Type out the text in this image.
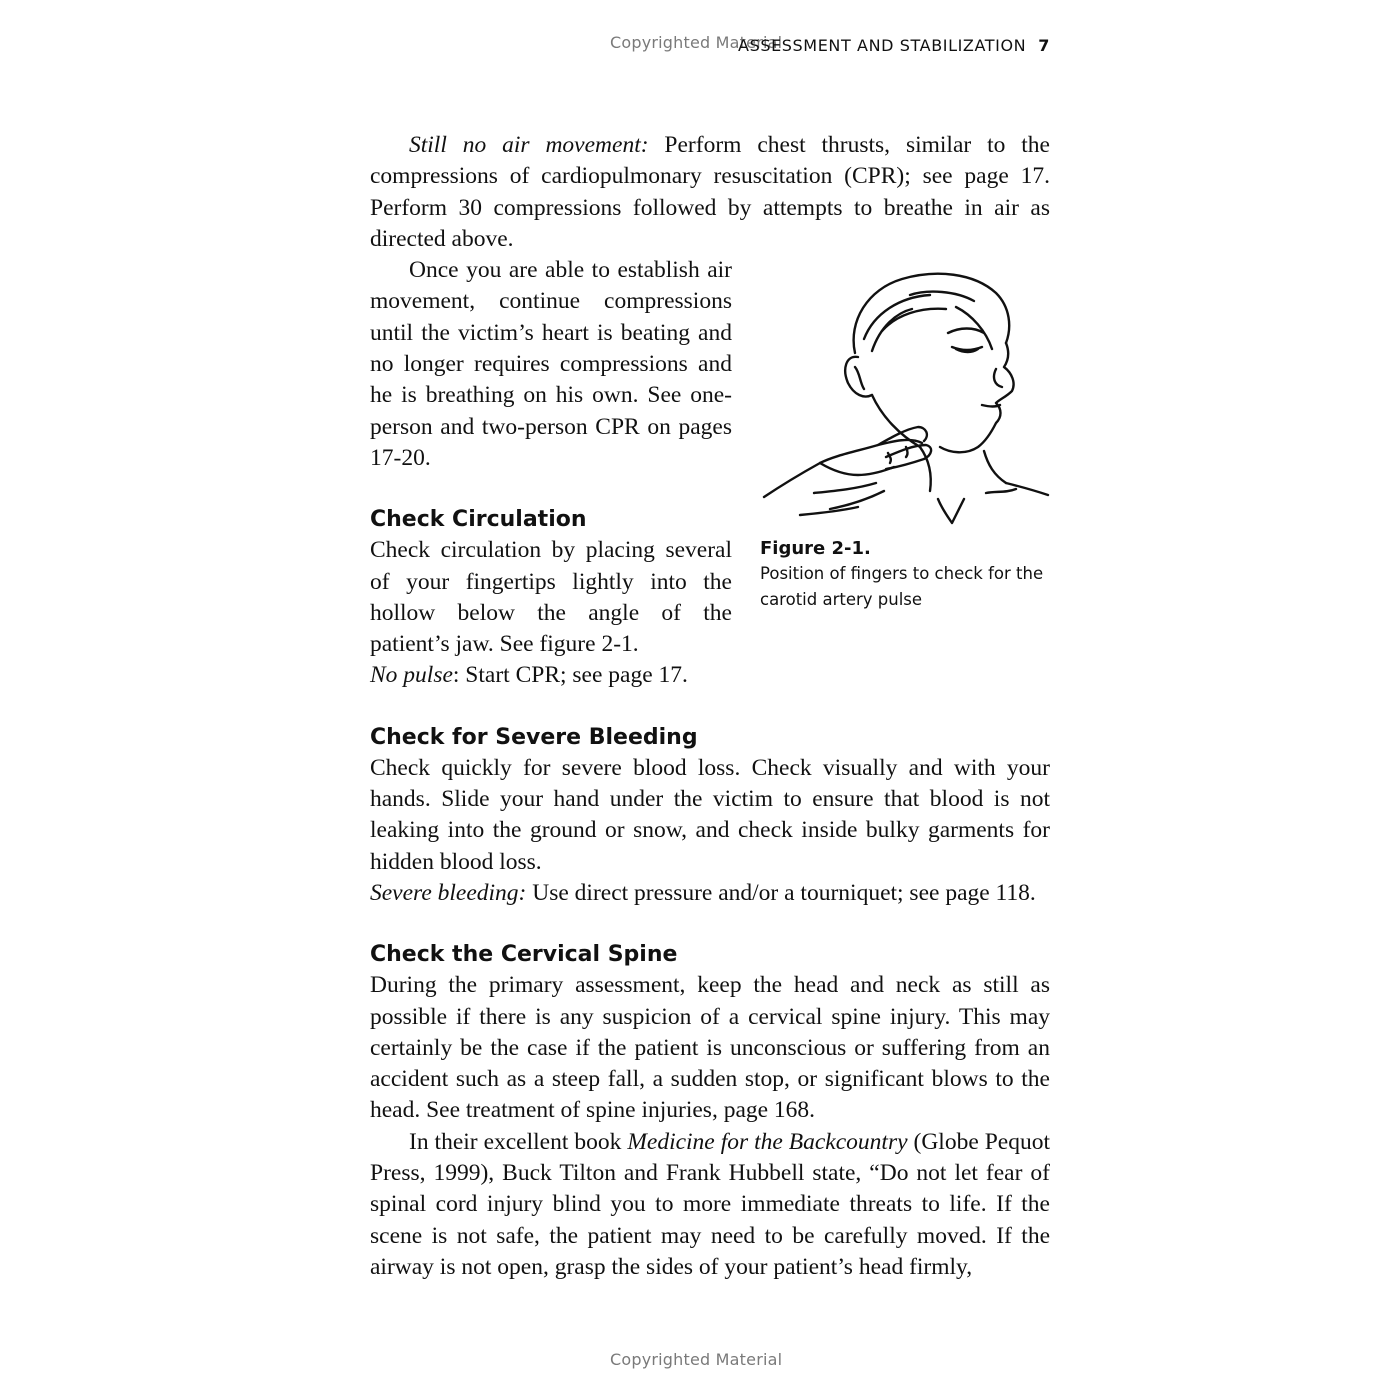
Copyrighted Material
ASSESSMENT AND STABILIZATION 7

Still no air movement: Perform chest thrusts, similar to the compressions of cardiopulmonary resuscitation (CPR); see page 17. Perform 30 compressions followed by attempts to breathe in air as directed above.

Figure 2-1.
Position of fingers to check for the carotid artery pulse

Once you are able to establish air movement, continue compressions until the victim’s heart is beating and no longer requires compressions and he is breathing on his own. See one-person and two-person CPR on pages 17-20.

Check Circulation

Check circulation by placing several of your fingertips lightly into the hollow below the angle of the patient’s jaw. See figure 2-1.

No pulse: Start CPR; see page 17.

Check for Severe Bleeding

Check quickly for severe blood loss. Check visually and with your hands. Slide your hand under the victim to ensure that blood is not leaking into the ground or snow, and check inside bulky garments for hidden blood loss.

Severe bleeding: Use direct pressure and/or a tourniquet; see page 118.

Check the Cervical Spine

During the primary assessment, keep the head and neck as still as possible if there is any suspicion of a cervical spine injury. This may certainly be the case if the patient is unconscious or suffering from an accident such as a steep fall, a sudden stop, or significant blows to the head. See treatment of spine injuries, page 168.

In their excellent book Medicine for the Backcountry (Globe Pequot Press, 1999), Buck Tilton and Frank Hubbell state, “Do not let fear of spinal cord injury blind you to more immediate threats to life. If the scene is not safe, the patient may need to be carefully moved. If the airway is not open, grasp the sides of your patient’s head firmly,

Copyrighted Material
